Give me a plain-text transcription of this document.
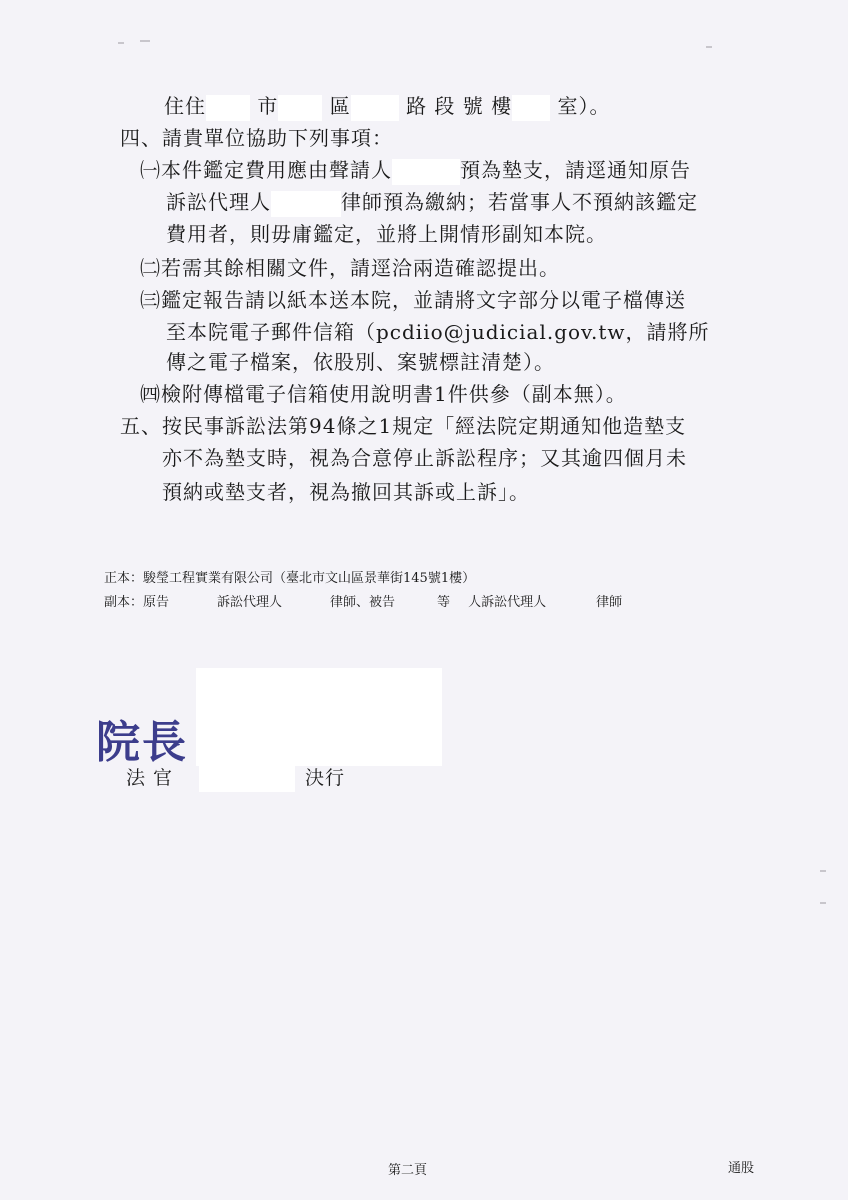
住住	市	區	路 段 號 樓 室）。
四、請貴單位協助下列事項：
㈠本件鑑定費用應由聲請人	預為墊支，請逕通知原告
訴訟代理人	律師預為繳納；若當事人不預納該鑑定
費用者，則毋庸鑑定，並將上開情形副知本院。
㈡若需其餘相關文件，請逕洽兩造確認提出。
㈢鑑定報告請以紙本送本院，並請將文字部分以電子檔傳送
至本院電子郵件信箱（pcdiio@judicial.gov.tw，請將所
傳之電子檔案，依股別、案號標註清楚）。
㈣檢附傳檔電子信箱使用說明書1件供參（副本無）。
五、按民事訴訟法第94條之1規定「經法院定期通知他造墊支
亦不為墊支時，視為合意停止訴訟程序；又其逾四個月未
預納或墊支者，視為撤回其訴或上訴」。
正本：駿瑩工程實業有限公司（臺北市文山區景華街145號1樓）
副本：原告	訴訟代理人	律師、被告	等 人訴訟代理人	律師
院長
法 官	決行
第二頁	通股
